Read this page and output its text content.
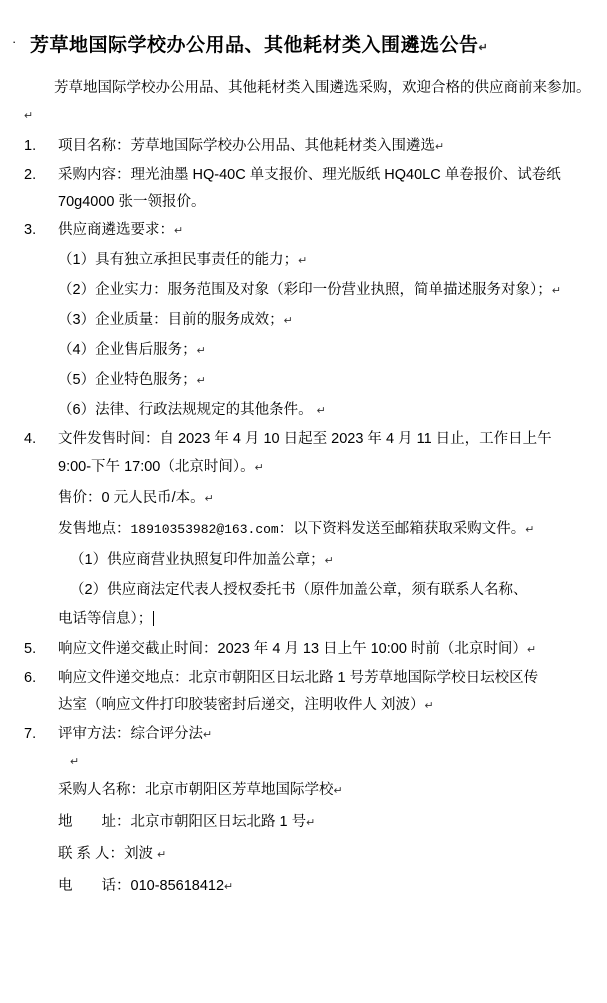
· 芳草地国际学校办公用品、其他耗材类入围遴选公告↵

芳草地国际学校办公用品、其他耗材类入围遴选采购，欢迎合格的供应商前来参加。↵

1.	项目名称：芳草地国际学校办公用品、其他耗材类入围遴选↵
2.	采购内容：理光油墨 HQ-40C 单支报价、理光版纸 HQ40LC 单卷报价、试卷纸
70g4000 张一领报价。
3.	供应商遴选要求：↵

（1）具有独立承担民事责任的能力；↵

（2）企业实力：服务范围及对象（彩印一份营业执照，简单描述服务对象）；↵

（3）企业质量：目前的服务成效；↵

（4）企业售后服务；↵

（5）企业特色服务；↵

（6）法律、行政法规规定的其他条件。 ↵

4.	文件发售时间：自 2023 年 4 月 10 日起至 2023 年 4 月 11 日止，工作日上午

9:00-下午 17:00（北京时间）。↵

售价：0 元人民币/本。↵

发售地点：18910353982@163.com：以下资料发送至邮箱获取采购文件。↵

（1）供应商营业执照复印件加盖公章；↵

（2）供应商法定代表人授权委托书（原件加盖公章，须有联系人名称、

电话等信息）；

5.	响应文件递交截止时间：2023 年 4 月 13 日上午 10:00 时前（北京时间）↵
6.	响应文件递交地点：北京市朝阳区日坛北路 1 号芳草地国际学校日坛校区传
达室（响应文件打印胶装密封后递交，注明收件人 刘波）↵
7.	评审方法：综合评分法↵

↵

采购人名称：北京市朝阳区芳草地国际学校↵

地　　址：北京市朝阳区日坛北路 1 号↵

联 系 人：刘波 ↵

电　　话：010-85618412↵
